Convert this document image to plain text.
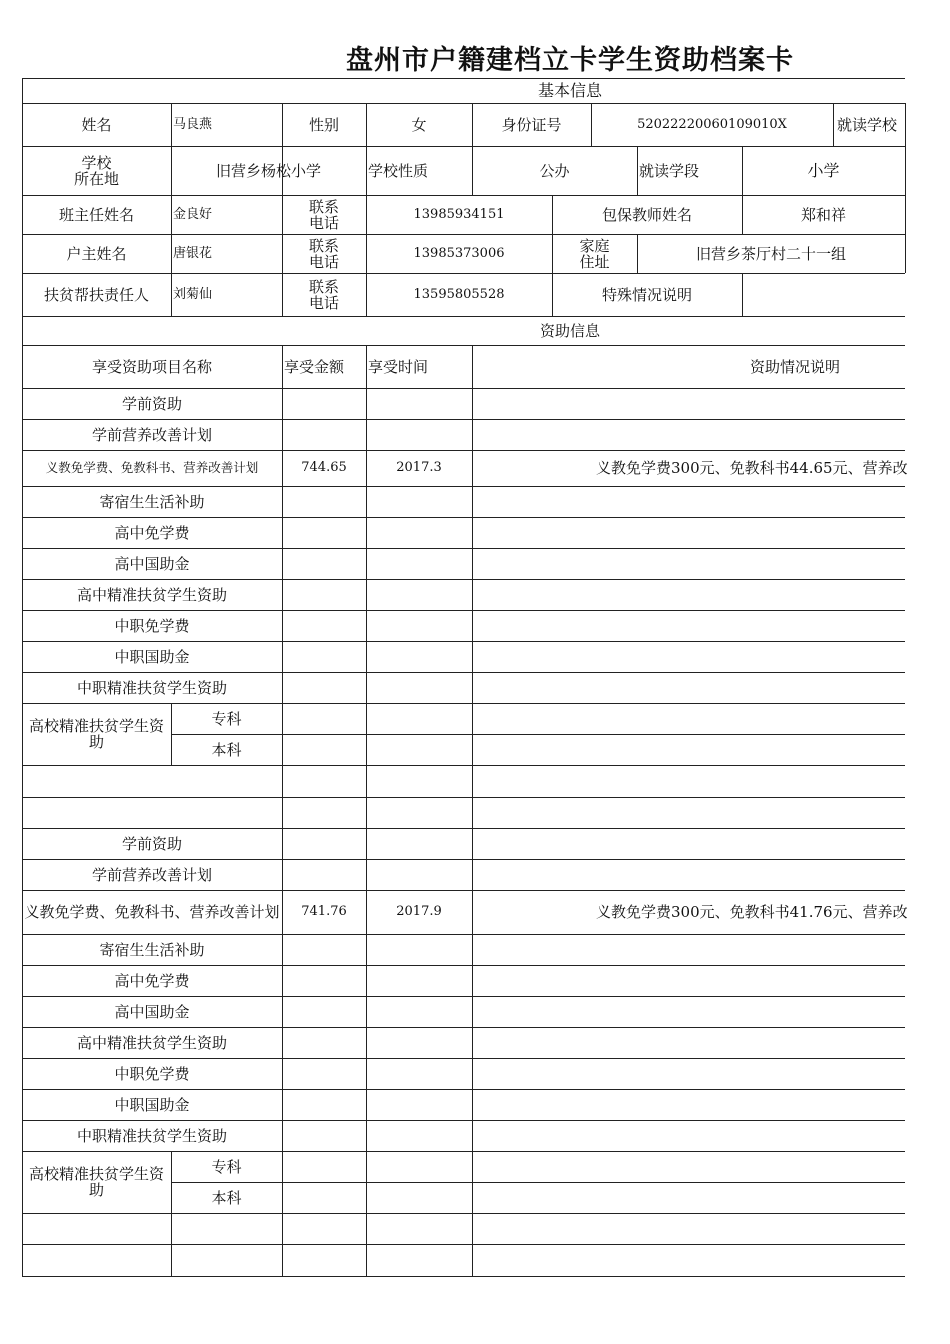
盘州市户籍建档立卡学生资助档案卡
基本信息
姓名	马良燕	性别	女	身份证号	52022220060109010X	就读学校
学校
所在地	旧营乡杨松小学	学校性质	公办	就读学段	小学
班主任姓名	金良好	联系
电话	13985934151	包保教师姓名	郑和祥
户主姓名	唐银花	联系
电话	13985373006	家庭
住址	旧营乡茶厅村二十一组
扶贫帮扶责任人	刘菊仙	联系
电话	13595805528	特殊情况说明
资助信息
享受资助项目名称	享受金额	享受时间	资助情况说明
学前资助
学前营养改善计划
义教免学费、免教科书、营养改善计划	744.65	2017.3	义教免学费300元、免教科书44.65元、营养改
寄宿生生活补助
高中免学费
高中国助金
高中精准扶贫学生资助
中职免学费
中职国助金
中职精准扶贫学生资助
高校精准扶贫学生资助
专科
本科
学前资助
学前营养改善计划
义教免学费、免教科书、营养改善计划	741.76	2017.9	义教免学费300元、免教科书41.76元、营养改
寄宿生生活补助
高中免学费
高中国助金
高中精准扶贫学生资助
中职免学费
中职国助金
中职精准扶贫学生资助
高校精准扶贫学生资助
专科
本科
